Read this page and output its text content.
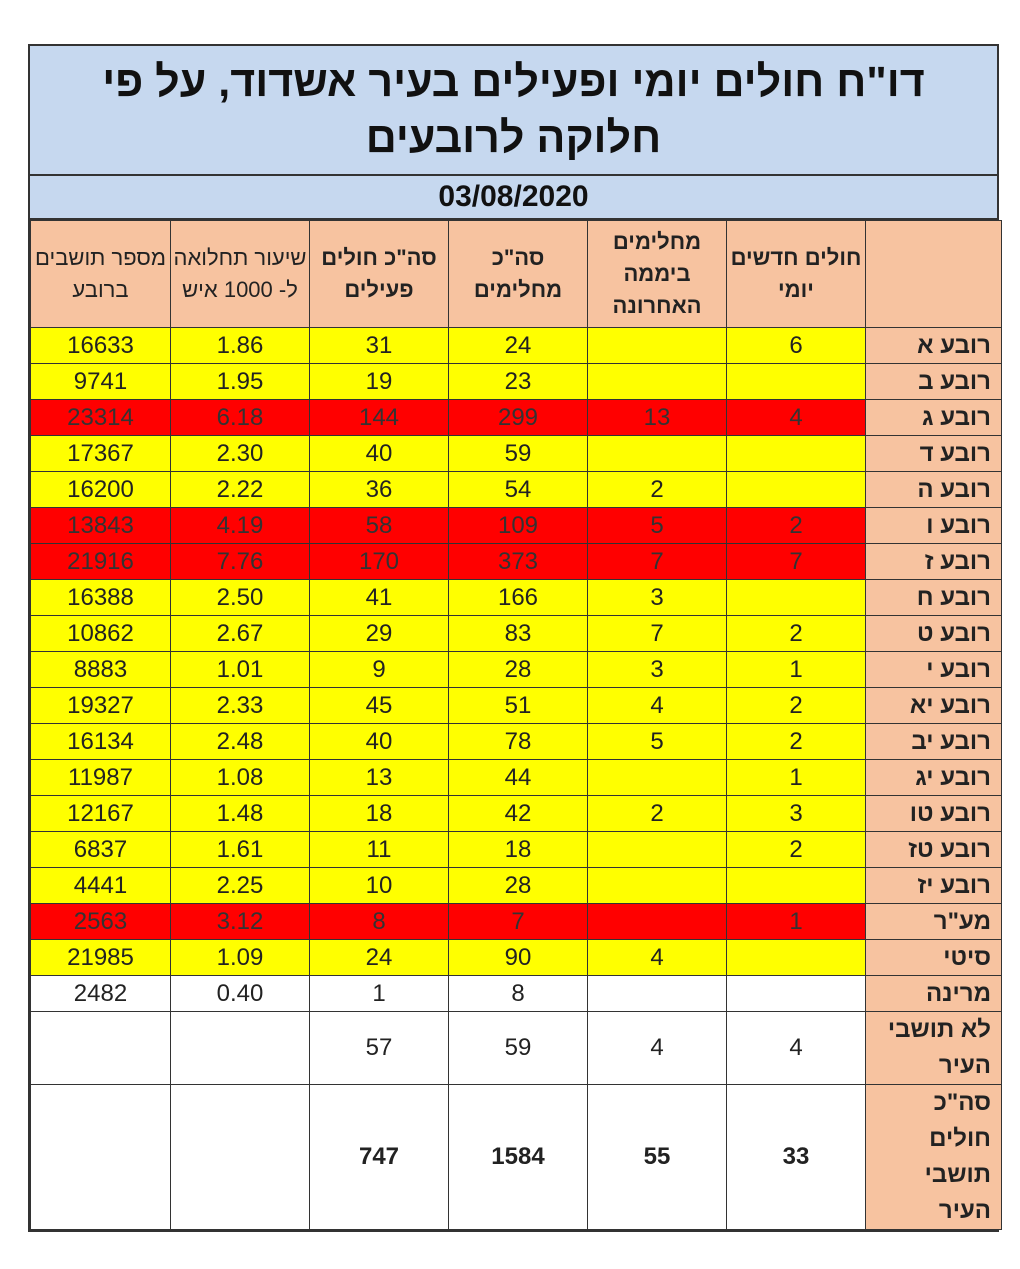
דו"ח חולים יומי ופעילים בעיר אשדוד, על פי חלוקה לרובעים
03/08/2020
מספר תושבים ברובע	שיעור תחלואה ל- 1000 איש	סה"כ חולים פעילים	סה"כ מחלימים	מחלימים ביממה האחרונה	חולים חדשים יומי	
16633	1.86	31	24		6	רובע א
9741	1.95	19	23			רובע ב
23314	6.18	144	299	13	4	רובע ג
17367	2.30	40	59			רובע ד
16200	2.22	36	54	2		רובע ה
13843	4.19	58	109	5	2	רובע ו
21916	7.76	170	373	7	7	רובע ז
16388	2.50	41	166	3		רובע ח
10862	2.67	29	83	7	2	רובע ט
8883	1.01	9	28	3	1	רובע י
19327	2.33	45	51	4	2	רובע יא
16134	2.48	40	78	5	2	רובע יב
11987	1.08	13	44		1	רובע יג
12167	1.48	18	42	2	3	רובע טו
6837	1.61	11	18		2	רובע טז
4441	2.25	10	28			רובע יז
2563	3.12	8	7		1	מע"ר
21985	1.09	24	90	4		סיטי
2482	0.40	1	8			מרינה
		57	59	4	4	לא תושבי העיר
		747	1584	55	33	סה"כ חולים תושבי העיר
